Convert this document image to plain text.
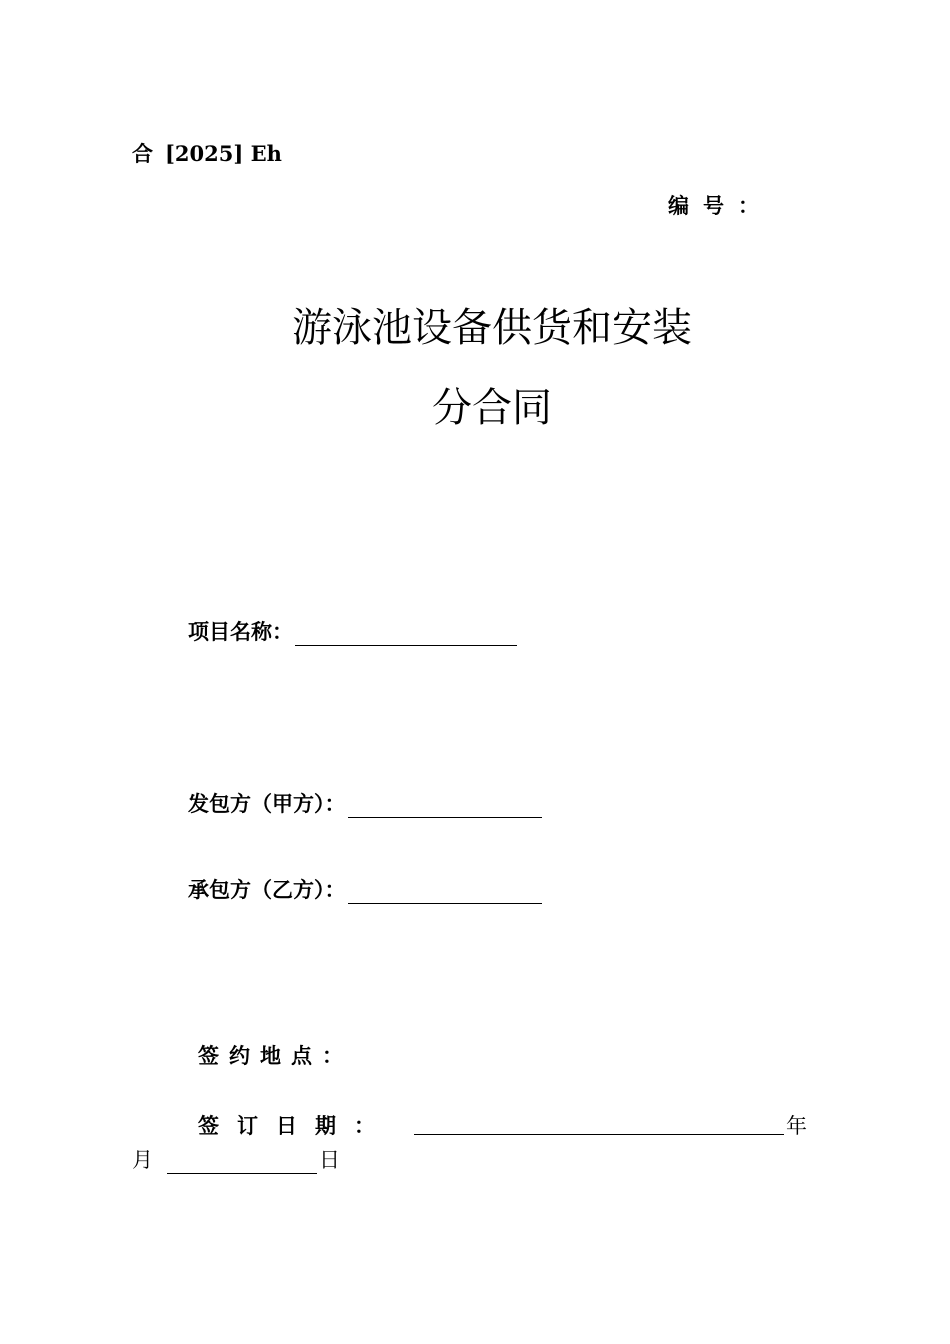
合 [2025] Eh
编号：
游泳池设备供货和安装
分合同
项目名称：
发包方（甲方）：
承包方（乙方）：
签约地点：
签订日期：	年
月	日
